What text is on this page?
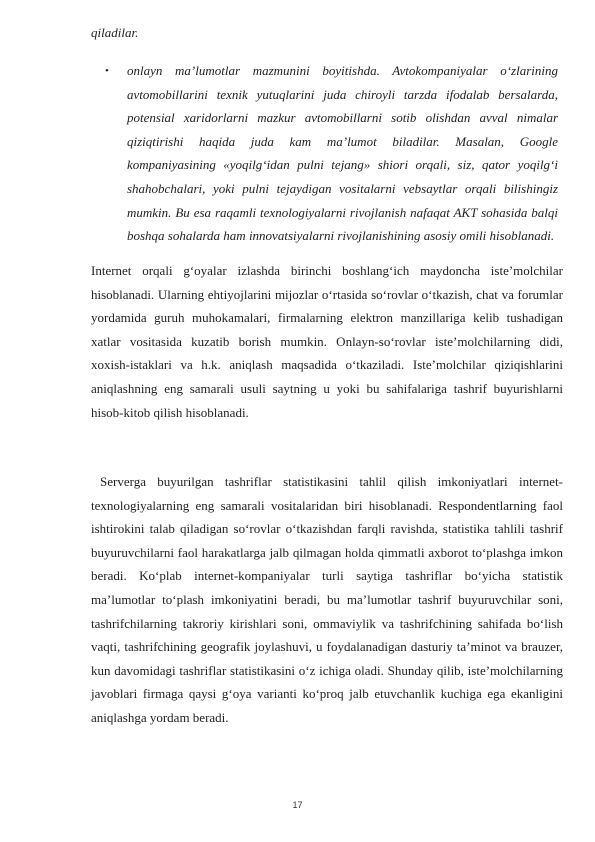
qiladilar.
• onlayn ma’lumotlar mazmunini boyitishda. Avtokompaniyalar o‘zlarining avtomobillarini texnik yutuqlarini juda chiroyli tarzda ifodalab bersalarda, potensial xaridorlarni mazkur avtomobillarni sotib olishdan avval nimalar qiziqtirishi haqida juda kam ma’lumot biladilar. Masalan, Google kompaniyasining «yoqilg‘idan pulni tejang» shiori orqali, siz, qator yoqilg‘i shahobchalari, yoki pulni tejaydigan vositalarni vebsaytlar orqali bilishingiz mumkin. Bu esa raqamli texnologiyalarni rivojlanish nafaqat AKT sohasida balqi boshqa sohalarda ham innovatsiyalarni rivojlanishining asosiy omili hisoblanadi.
Internet orqali g‘oyalar izlashda birinchi boshlang‘ich maydoncha iste’molchilar hisoblanadi. Ularning ehtiyojlarini mijozlar o‘rtasida so‘rovlar o‘tkazish, chat va forumlar yordamida guruh muhokamalari, firmalarning elektron manzillariga kelib tushadigan xatlar vositasida kuzatib borish mumkin. Onlayn-so‘rovlar iste’molchilarning didi, xoxish-istaklari va h.k. aniqlash maqsadida o‘tkaziladi. Iste’molchilar qiziqishlarini aniqlashning eng samarali usuli saytning u yoki bu sahifalariga tashrif buyurishlarni hisob-kitob qilish hisoblanadi.
Serverga buyurilgan tashriflar statistikasini tahlil qilish imkoniyatlari internet-texnologiyalarning eng samarali vositalaridan biri hisoblanadi. Respondentlarning faol ishtirokini talab qiladigan so‘rovlar o‘tkazishdan farqli ravishda, statistika tahlili tashrif buyuruvchilarni faol harakatlarga jalb qilmagan holda qimmatli axborot to‘plashga imkon beradi. Ko‘plab internet-kompaniyalar turli saytiga tashriflar bo‘yicha statistik ma’lumotlar to‘plash imkoniyatini beradi, bu ma’lumotlar tashrif buyuruvchilar soni, tashrifchilarning takroriy kirishlari soni, ommaviylik va tashrifchining sahifada bo‘lish vaqti, tashrifchining geografik joylashuvi, u foydalanadigan dasturiy ta’minot va brauzer, kun davomidagi tashriflar statistikasini o‘z ichiga oladi. Shunday qilib, iste’molchilarning javoblari firmaga qaysi g‘oya varianti ko‘proq jalb etuvchanlik kuchiga ega ekanligini aniqlashga yordam beradi.
17
